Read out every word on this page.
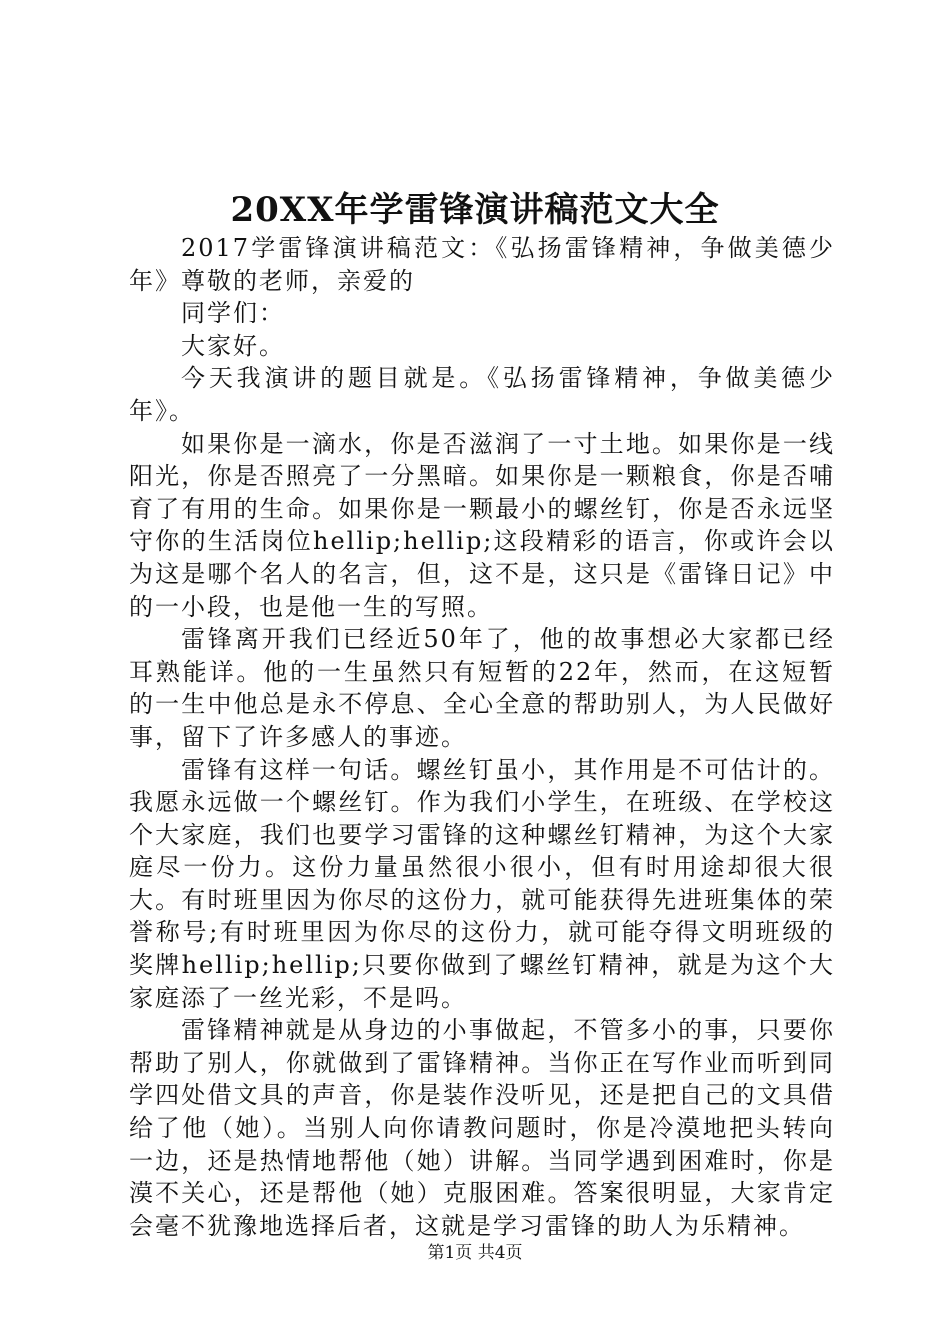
20XX年学雷锋演讲稿范文大全

2017学雷锋演讲稿范文：《弘扬雷锋精神，争做美德少年》尊敬的老师，亲爱的

同学们：

大家好。

今天我演讲的题目就是。《弘扬雷锋精神，争做美德少年》。

如果你是一滴水，你是否滋润了一寸土地。如果你是一线阳光，你是否照亮了一分黑暗。如果你是一颗粮食，你是否哺育了有用的生命。如果你是一颗最小的螺丝钉，你是否永远坚守你的生活岗位hellip;hellip;这段精彩的语言，你或许会以为这是哪个名人的名言，但，这不是，这只是《雷锋日记》中的一小段，也是他一生的写照。

雷锋离开我们已经近50年了，他的故事想必大家都已经耳熟能详。他的一生虽然只有短暂的22年，然而，在这短暂的一生中他总是永不停息、全心全意的帮助别人，为人民做好事，留下了许多感人的事迹。

雷锋有这样一句话。螺丝钉虽小，其作用是不可估计的。我愿永远做一个螺丝钉。作为我们小学生，在班级、在学校这个大家庭，我们也要学习雷锋的这种螺丝钉精神，为这个大家庭尽一份力。这份力量虽然很小很小，但有时用途却很大很大。有时班里因为你尽的这份力，就可能获得先进班集体的荣誉称号;有时班里因为你尽的这份力，就可能夺得文明班级的奖牌hellip;hellip;只要你做到了螺丝钉精神，就是为这个大家庭添了一丝光彩，不是吗。

雷锋精神就是从身边的小事做起，不管多小的事，只要你帮助了别人，你就做到了雷锋精神。当你正在写作业而听到同学四处借文具的声音，你是装作没听见，还是把自己的文具借给了他（她）。当别人向你请教问题时，你是冷漠地把头转向一边，还是热情地帮他（她）讲解。当同学遇到困难时，你是漠不关心，还是帮他（她）克服困难。答案很明显，大家肯定会毫不犹豫地选择后者，这就是学习雷锋的助人为乐精神。

第1页 共4页
